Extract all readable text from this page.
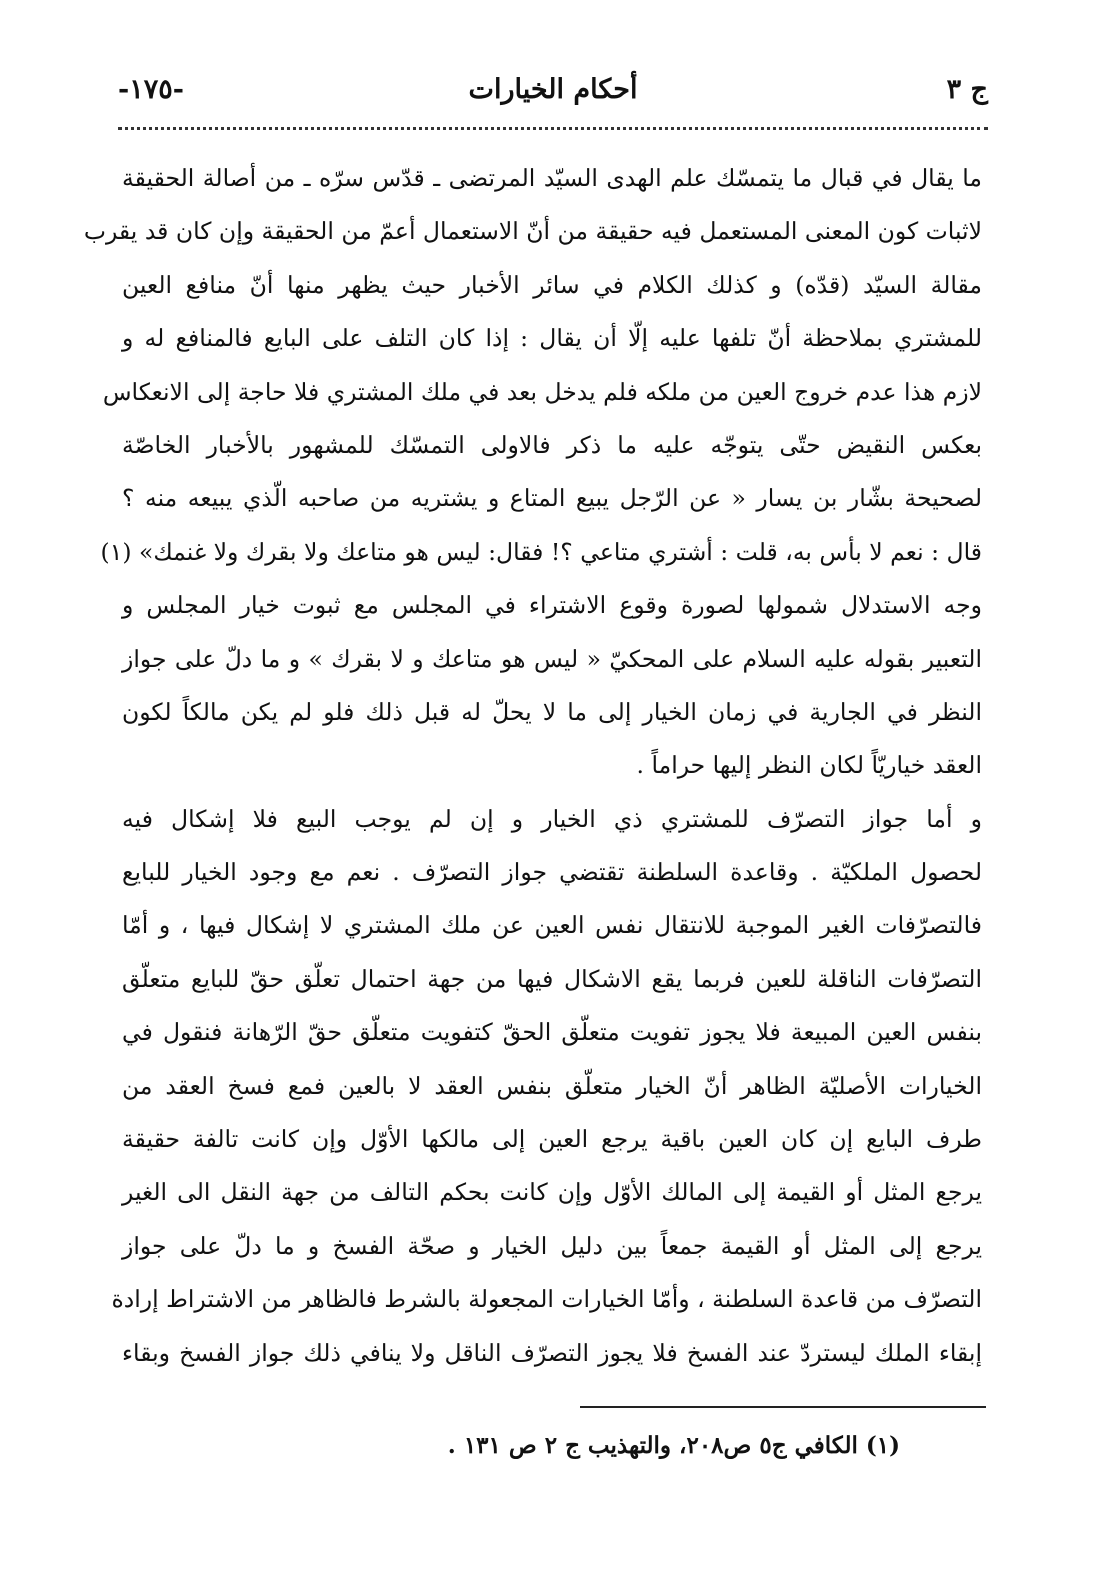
ج ٣
أحكام الخيارات
-١٧٥-
ما يقال في قبال ما يتمسّك علم الهدى السيّد المرتضى ـ قدّس سرّه ـ من أصالة الحقيقة
لاثبات كون المعنى المستعمل فيه حقيقة من أنّ الاستعمال أعمّ من الحقيقة وإن كان قد يقرب
مقالة السيّد (قدّه) و كذلك الكلام في سائر الأخبار حيث يظهر منها أنّ منافع العين
للمشتري بملاحظة أنّ تلفها عليه إلّا أن يقال : إذا كان التلف على البايع فالمنافع له و
لازم هذا عدم خروج العين من ملكه فلم يدخل بعد في ملك المشتري فلا حاجة إلى الانعكاس
بعكس النقيض حتّى يتوجّه عليه ما ذكر فالاولى التمسّك للمشهور بالأخبار الخاصّة
لصحيحة بشّار بن يسار « عن الرّجل يبيع المتاع و يشتريه من صاحبه الّذي يبيعه منه ؟
قال : نعم لا بأس به، قلت : أشتري متاعي ؟! فقال: ليس هو متاعك ولا بقرك ولا غنمك» (١)
وجه الاستدلال شمولها لصورة وقوع الاشتراء في المجلس مع ثبوت خيار المجلس و
التعبير بقوله عليه السلام على المحكيّ « ليس هو متاعك و لا بقرك » و ما دلّ على جواز
النظر في الجارية في زمان الخيار إلى ما لا يحلّ له قبل ذلك فلو لم يكن مالكاً لكون
العقد خياريّاً لكان النظر إليها حراماً .
و أما جواز التصرّف للمشتري ذي الخيار و إن لم يوجب البيع فلا إشكال فيه
لحصول الملكيّة . وقاعدة السلطنة تقتضي جواز التصرّف . نعم مع وجود الخيار للبايع
فالتصرّفات الغير الموجبة للانتقال نفس العين عن ملك المشتري لا إشكال فيها ، و أمّا
التصرّفات الناقلة للعين فربما يقع الاشكال فيها من جهة احتمال تعلّق حقّ للبايع متعلّق
بنفس العين المبيعة فلا يجوز تفويت متعلّق الحقّ كتفويت متعلّق حقّ الرّهانة فنقول في
الخيارات الأصليّة الظاهر أنّ الخيار متعلّق بنفس العقد لا بالعين فمع فسخ العقد من
طرف البايع إن كان العين باقية يرجع العين إلى مالكها الأوّل وإن كانت تالفة حقيقة
يرجع المثل أو القيمة إلى المالك الأوّل وإن كانت بحكم التالف من جهة النقل الى الغير
يرجع إلى المثل أو القيمة جمعاً بين دليل الخيار و صحّة الفسخ و ما دلّ على جواز
التصرّف من قاعدة السلطنة ، وأمّا الخيارات المجعولة بالشرط فالظاهر من الاشتراط إرادة
إبقاء الملك ليستردّ عند الفسخ فلا يجوز التصرّف الناقل ولا ينافي ذلك جواز الفسخ وبقاء
(١) الكافي ج٥ ص٢٠٨، والتهذيب ج ٢ ص ١٣١ .
